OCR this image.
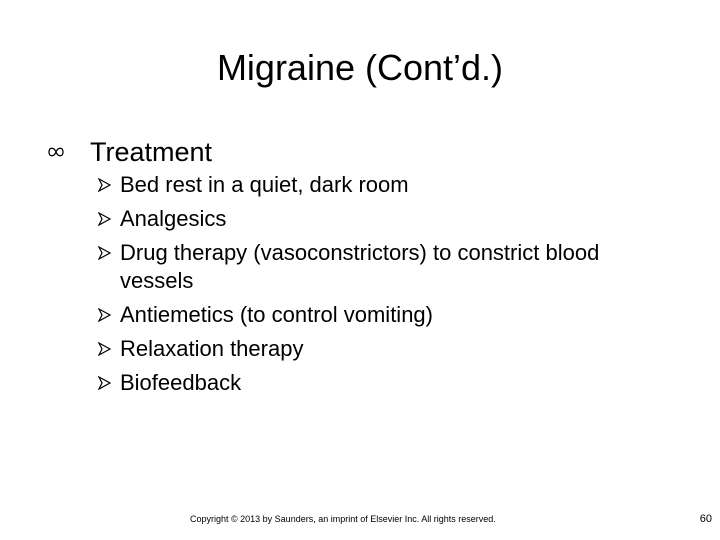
Migraine (Cont’d.)
Treatment
Bed rest in a quiet, dark room
Analgesics
Drug therapy (vasoconstrictors) to constrict blood vessels
Antiemetics (to control vomiting)
Relaxation therapy
Biofeedback
Copyright © 2013 by Saunders, an imprint of Elsevier Inc. All rights reserved.	60
